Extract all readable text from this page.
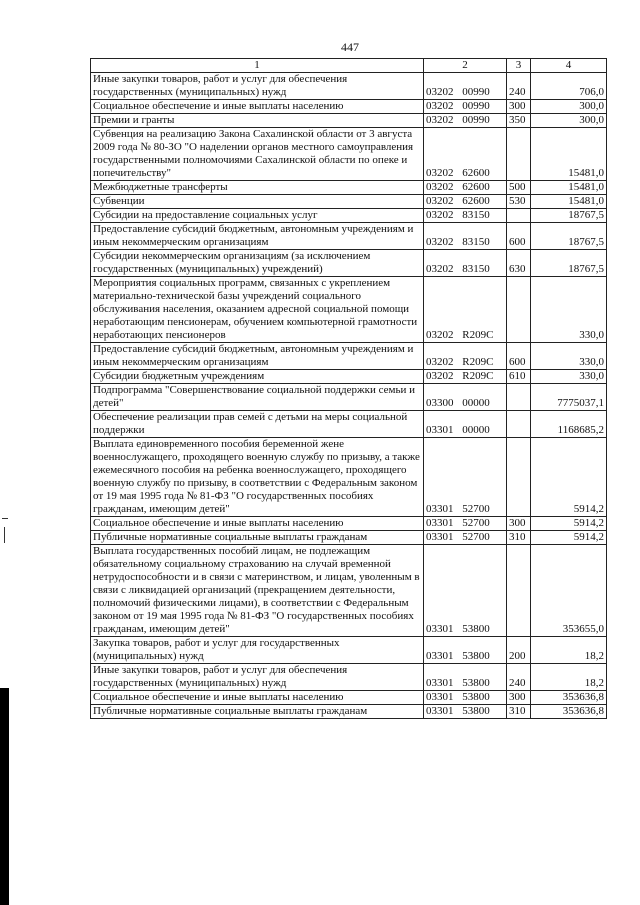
447
1	2	3	4
Иные закупки товаров, работ и услуг для обеспечения государственных (муниципальных) нужд	03202 00990	240	706,0
Социальное обеспечение и иные выплаты населению	03202 00990	300	300,0
Премии и гранты	03202 00990	350	300,0
Субвенция на реализацию Закона Сахалинской области от 3 августа 2009 года № 80-ЗО "О наделении органов местного самоуправления государственными полномочиями Сахалинской области по опеке и попечительству"	03202 62600		15481,0
Межбюджетные трансферты	03202 62600	500	15481,0
Субвенции	03202 62600	530	15481,0
Субсидии на предоставление социальных услуг	03202 83150		18767,5
Предоставление субсидий бюджетным, автономным учреждениям и иным некоммерческим организациям	03202 83150	600	18767,5
Субсидии некоммерческим организациям (за исключением государственных (муниципальных) учреждений)	03202 83150	630	18767,5
Мероприятия социальных программ, связанных с укреплением материально-технической базы учреждений социального обслуживания населения, оказанием адресной социальной помощи неработающим пенсионерам, обучением компьютерной грамотности неработающих пенсионеров	03202 R209C		330,0
Предоставление субсидий бюджетным, автономным учреждениям и иным некоммерческим организациям	03202 R209C	600	330,0
Субсидии бюджетным учреждениям	03202 R209C	610	330,0
Подпрограмма "Совершенствование социальной поддержки семьи и детей"	03300 00000		7775037,1
Обеспечение реализации прав семей с детьми на меры социальной поддержки	03301 00000		1168685,2
Выплата единовременного пособия беременной жене военнослужащего, проходящего военную службу по призыву, а также ежемесячного пособия на ребенка военнослужащего, проходящего военную службу по призыву, в соответствии с Федеральным законом от 19 мая 1995 года № 81-ФЗ "О государственных пособиях гражданам, имеющим детей"	03301 52700		5914,2
Социальное обеспечение и иные выплаты населению	03301 52700	300	5914,2
Публичные нормативные социальные выплаты гражданам	03301 52700	310	5914,2
Выплата государственных пособий лицам, не подлежащим обязательному социальному страхованию на случай временной нетрудоспособности и в связи с материнством, и лицам, уволенным в связи с ликвидацией организаций (прекращением деятельности, полномочий физическими лицами), в соответствии с Федеральным законом от 19 мая 1995 года № 81-ФЗ "О государственных пособиях гражданам, имеющим детей"	03301 53800		353655,0
Закупка товаров, работ и услуг для государственных (муниципальных) нужд	03301 53800	200	18,2
Иные закупки товаров, работ и услуг для обеспечения государственных (муниципальных) нужд	03301 53800	240	18,2
Социальное обеспечение и иные выплаты населению	03301 53800	300	353636,8
Публичные нормативные социальные выплаты гражданам	03301 53800	310	353636,8
